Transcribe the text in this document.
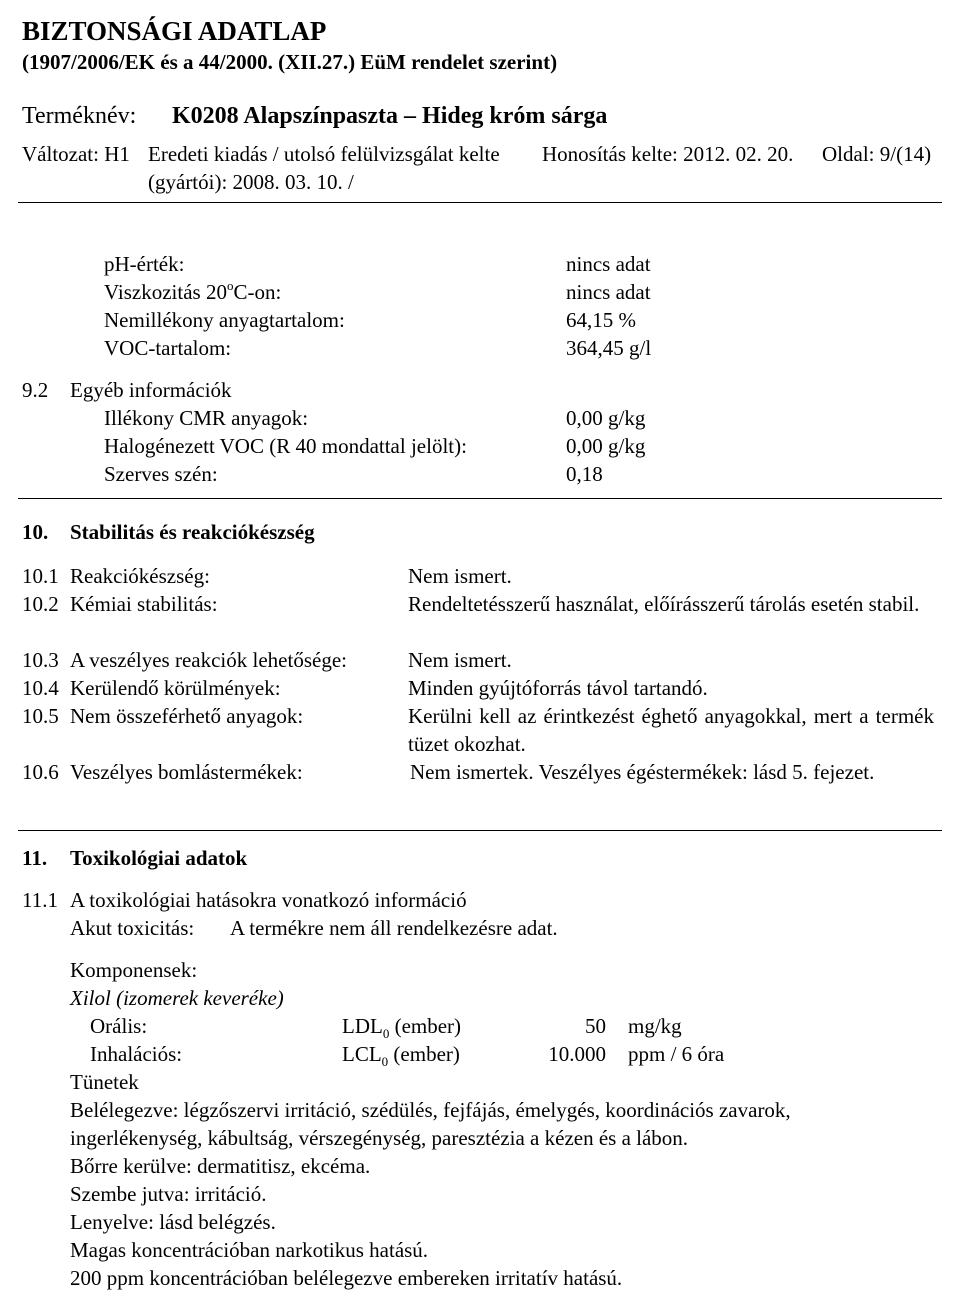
BIZTONSÁGI ADATLAP
(1907/2006/EK és a 44/2000. (XII.27.) EüM rendelet szerint)
Terméknév: K0208 Alapszínpaszta – Hideg króm sárga
Változat: H1 Eredeti kiadás / utolsó felülvizsgálat kelte
(gyártói): 2008. 03. 10. /
Honosítás kelte: 2012. 02. 20. Oldal: 9/(14)
pH-érték:	nincs adat
Viszkozitás 20$^o$C-on:	nincs adat
Nemillékony anyagtartalom:	64,15 %
VOC-tartalom:	364,45 g/l
9.2 Egyéb információk
Illékony CMR anyagok:	0,00 g/kg
Halogénezett VOC (R 40 mondattal jelölt):	0,00 g/kg
Szerves szén:	0,18
10. Stabilitás és reakciókészség
10.1 Reakciókészség:	Nem ismert.
10.2 Kémiai stabilitás:	Rendeltetésszerű használat, előírásszerű tárolás esetén stabil.
10.3 A veszélyes reakciók lehetősége:	Nem ismert.
10.4 Kerülendő körülmények:	Minden gyújtóforrás távol tartandó.
10.5 Nem összeférhető anyagok:	Kerülni kell az érintkezést éghető anyagokkal, mert a termék tüzet okozhat.
10.6 Veszélyes bomlástermékek:	Nem ismertek. Veszélyes égéstermékek: lásd 5. fejezet.
11. Toxikológiai adatok
11.1 A toxikológiai hatásokra vonatkozó információ
Akut toxicitás: A termékre nem áll rendelkezésre adat.
Komponensek:
Xilol (izomerek keveréke)
Orális:	$LDL_0$ (ember)	50 mg/kg
Inhalációs:	$LCL_0$ (ember)	10.000 ppm / 6 óra
Tünetek
Belélegezve: légzőszervi irritáció, szédülés, fejfájás, émelygés, koordinációs zavarok, ingerlékenység, kábultság, vérszegénység, paresztézia a kézen és a lábon.
Bőrre kerülve: dermatitisz, ekcéma.
Szembe jutva: irritáció.
Lenyelve: lásd belégzés.
Magas koncentrációban narkotikus hatású.
200 ppm koncentrációban belélegezve embereken irritatív hatású.
